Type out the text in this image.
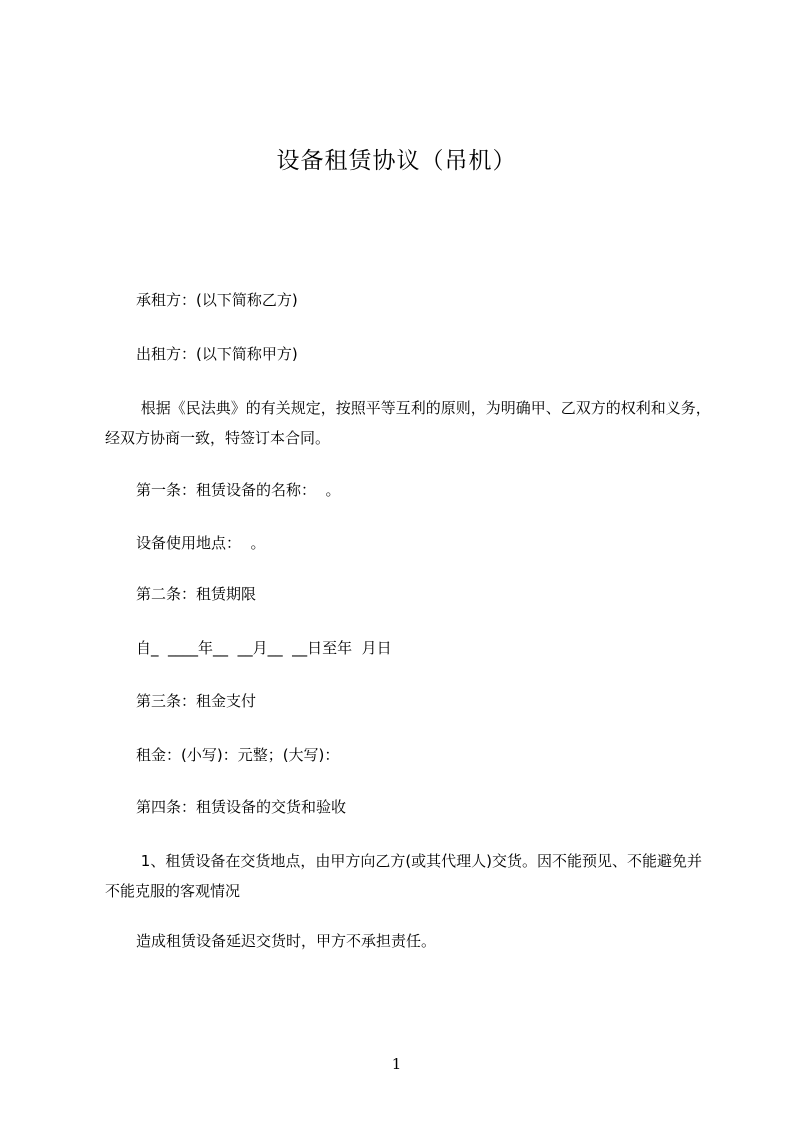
设备租赁协议（吊机）

承租方：(以下简称乙方)

出租方：(以下简称甲方)

根据《民法典》的有关规定，按照平等互利的原则，为明确甲、乙双方的权利和义务，经双方协商一致，特签订本合同。

第一条：租赁设备的名称：  。

设备使用地点：  。

第二条：租赁期限

自_  ____年__  __月__  __日至年  月日

第三条：租金支付

租金：(小写)：元整；(大写)：

第四条：租赁设备的交货和验收

1、租赁设备在交货地点，由甲方向乙方(或其代理人)交货。因不能预见、不能避免并不能克服的客观情况

造成租赁设备延迟交货时，甲方不承担责任。

1
